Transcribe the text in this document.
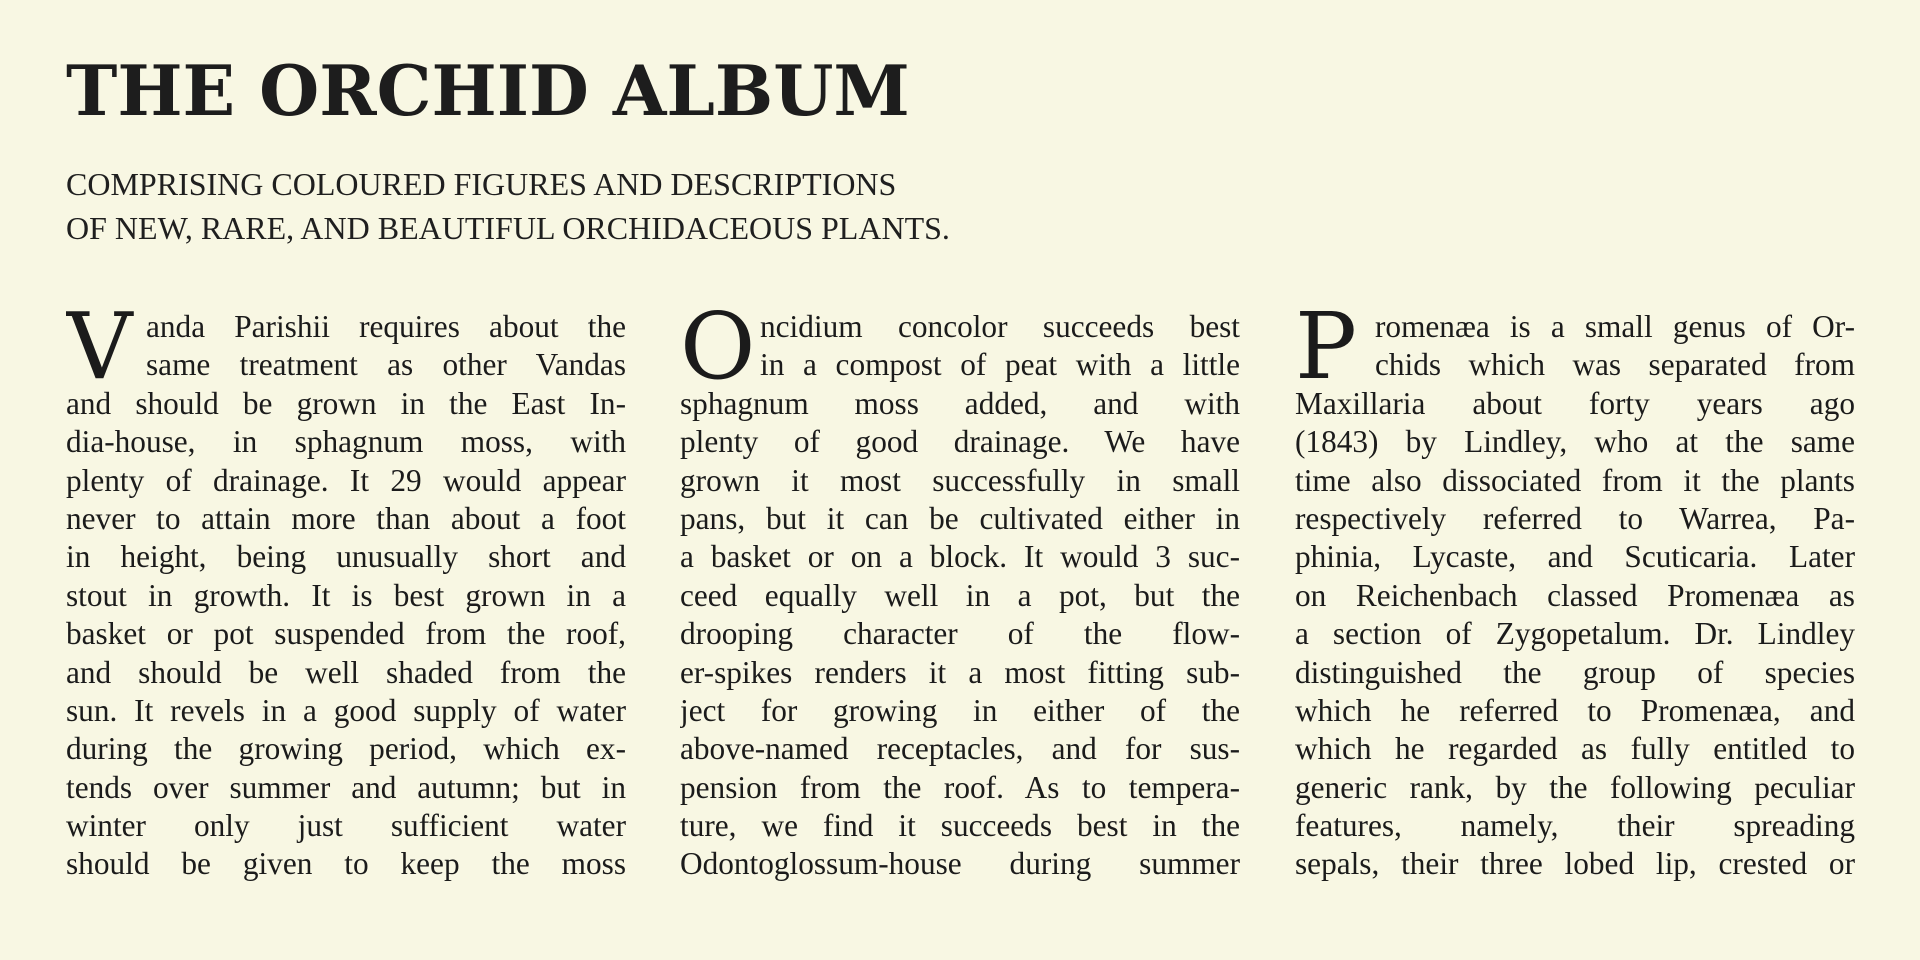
THE ORCHID ALBUM
COMPRISING COLOURED FIGURES AND DESCRIPTIONS
OF NEW, RARE, AND BEAUTIFUL ORCHIDACEOUS PLANTS.
V anda Parishii requires about the
same treatment as other Vandas
and should be grown in the East In-
dia-house, in sphagnum moss, with
plenty of drainage. It 29 would appear
never to attain more than about a foot
in height, being unusually short and
stout in growth. It is best grown in a
basket or pot suspended from the roof,
and should be well shaded from the
sun. It revels in a good supply of water
during the growing period, which ex-
tends over summer and autumn; but in
winter only just sufficient water
should be given to keep the moss

O ncidium concolor succeeds best
in a compost of peat with a little
sphagnum moss added, and with
plenty of good drainage. We have
grown it most successfully in small
pans, but it can be cultivated either in
a basket or on a block. It would 3 suc-
ceed equally well in a pot, but the
drooping character of the flow-
er-spikes renders it a most fitting sub-
ject for growing in either of the
above-named receptacles, and for sus-
pension from the roof. As to tempera-
ture, we find it succeeds best in the
Odontoglossum-house during summer

P romenæa is a small genus of Or-
chids which was separated from
Maxillaria about forty years ago
(1843) by Lindley, who at the same
time also dissociated from it the plants
respectively referred to Warrea, Pa-
phinia, Lycaste, and Scuticaria. Later
on Reichenbach classed Promenæa as
a section of Zygopetalum. Dr. Lindley
distinguished the group of species
which he referred to Promenæa, and
which he regarded as fully entitled to
generic rank, by the following peculiar
features, namely, their spreading
sepals, their three lobed lip, crested or
